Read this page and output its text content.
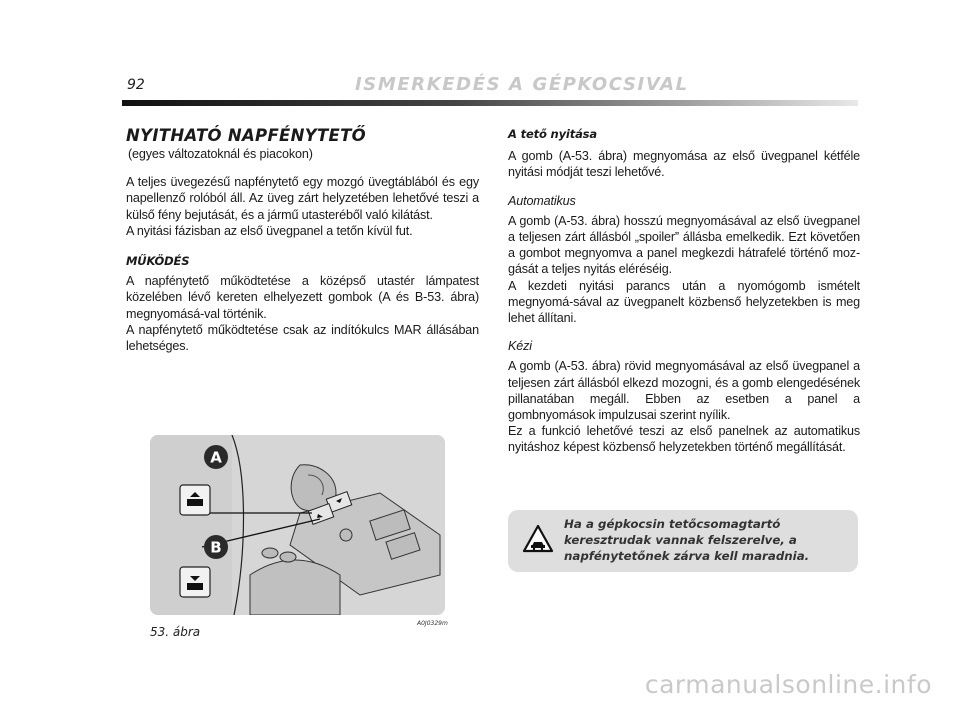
92	ISMERKEDÉS A GÉPKOCSIVAL
NYITHATÓ NAPFÉNYTETŐ

(egyes változatoknál és piacokon)

A teljes üvegezésű napfénytető egy mozgó üvegtáblából és egy napellenző rolóból áll. Az üveg zárt helyzetében lehetővé teszi a külső fény bejutását, és a jármű utasteréből való kilátást.

A nyitási fázisban az első üvegpanel a tetőn kívül fut.

MŰKÖDÉS

A napfénytető működtetése a középső utastér lámpatest közelében lévő kereten elhelyezett gombok (A és B-53. ábra) megnyomásá-val történik.

A napfénytető működtetése csak az indítókulcs MAR állásában lehetséges.

A
B
53. ábra
A0J0329m

A tető nyitása

A gomb (A-53. ábra) megnyomása az első üvegpanel kétféle nyitási módját teszi lehetővé.

Automatikus

A gomb (A-53. ábra) hosszú megnyomásával az első üvegpanel a teljesen zárt állásból „spoiler” állásba emelkedik. Ezt követően a gombot megnyomva a panel megkezdi hátrafelé történő moz-gását a teljes nyitás eléréséig.

A kezdeti nyitási parancs után a nyomógomb ismételt megnyomá-sával az üvegpanelt közbenső helyzetekben is meg lehet állítani.

Kézi

A gomb (A-53. ábra) rövid megnyomásával az első üvegpanel a teljesen zárt állásból elkezd mozogni, és a gomb elengedésének pillanatában megáll. Ebben az esetben a panel a gombnyomások impulzusai szerint nyílik.

Ez a funkció lehetővé teszi az első panelnek az automatikus nyitáshoz képest közbenső helyzetekben történő megállítását.

Ha a gépkocsin tetőcsomagtartó keresztrudak vannak felszerelve, a napfénytetőnek zárva kell maradnia.
carmanualsonline.info
